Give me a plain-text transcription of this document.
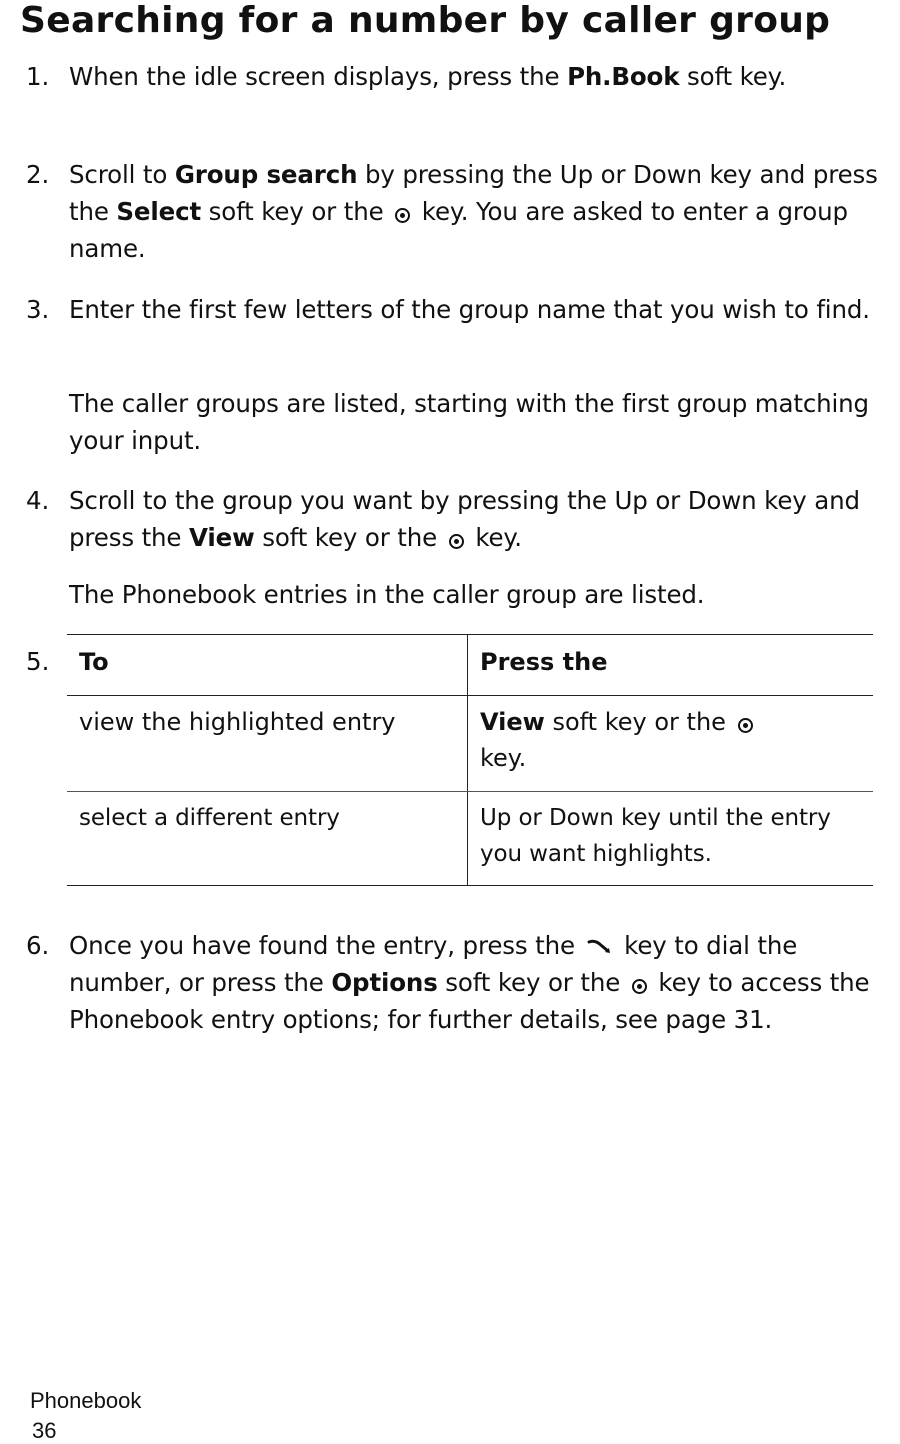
Searching for a number by caller group
1. When the idle screen displays, press the Ph.Book soft key.
2. Scroll to Group search by pressing the Up or Down key and press the Select soft key or the  key. You are asked to enter a group name.
3. Enter the first few letters of the group name that you wish to find.
The caller groups are listed, starting with the first group matching your input.
4. Scroll to the group you want by pressing the Up or Down key and press the View soft key or the  key.
The Phonebook entries in the caller group are listed.
5. To	Press the
view the highlighted entry	View soft key or the
key.
select a different entry	Up or Down key until the entry you want highlights.
6. Once you have found the entry, press the  key to dial the number, or press the Options soft key or the  key to access the Phonebook entry options; for further details, see page 31.
Phonebook
36
